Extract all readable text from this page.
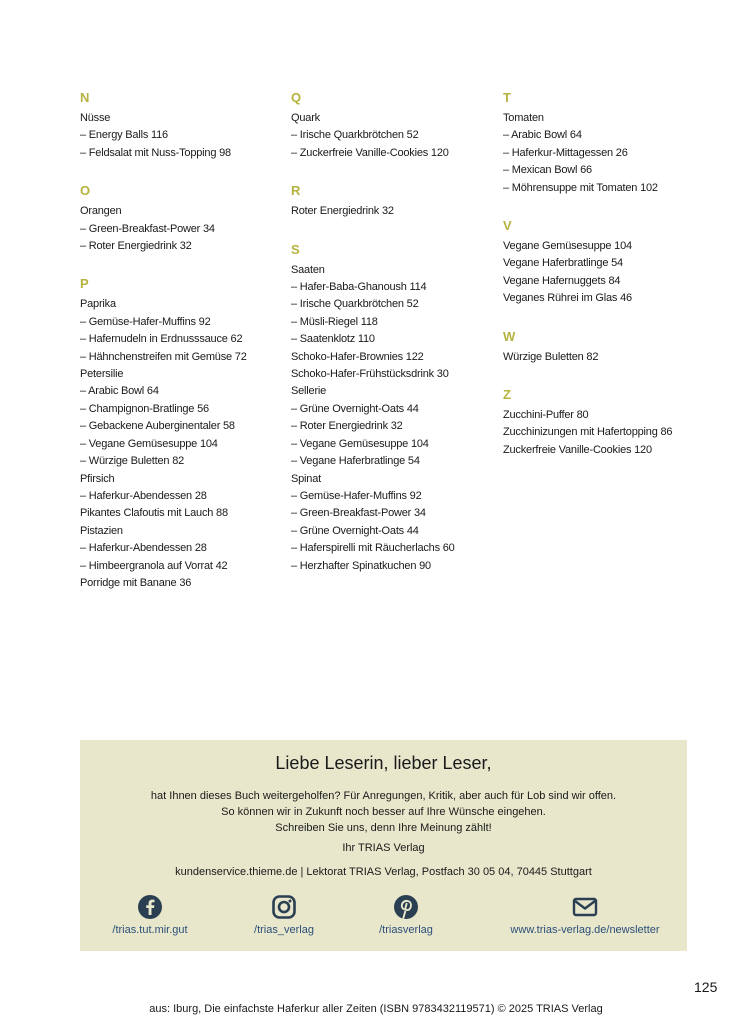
N
Nüsse
– Energy Balls 116
– Feldsalat mit Nuss-Topping 98
O
Orangen
– Green-Breakfast-Power 34
– Roter Energiedrink 32
P
Paprika
– Gemüse-Hafer-Muffins 92
– Hafernudeln in Erdnusssauce 62
– Hähnchenstreifen mit Gemüse 72
Petersilie
– Arabic Bowl 64
– Champignon-Bratlinge 56
– Gebackene Auberginentaler 58
– Vegane Gemüsesuppe 104
– Würzige Buletten 82
Pfirsich
– Haferkur-Abendessen 28
Pikantes Clafoutis mit Lauch 88
Pistazien
– Haferkur-Abendessen 28
– Himbeergranola auf Vorrat 42
Porridge mit Banane 36
Q
Quark
– Irische Quarkbrötchen 52
– Zuckerfreie Vanille-Cookies 120
R
Roter Energiedrink 32
S
Saaten
– Hafer-Baba-Ghanoush 114
– Irische Quarkbrötchen 52
– Müsli-Riegel 118
– Saatenklotz 110
Schoko-Hafer-Brownies 122
Schoko-Hafer-Frühstücksdrink 30
Sellerie
– Grüne Overnight-Oats 44
– Roter Energiedrink 32
– Vegane Gemüsesuppe 104
– Vegane Haferbratlinge 54
Spinat
– Gemüse-Hafer-Muffins 92
– Green-Breakfast-Power 34
– Grüne Overnight-Oats 44
– Haferspirelli mit Räucherlachs 60
– Herzhafter Spinatkuchen 90
T
Tomaten
– Arabic Bowl 64
– Haferkur-Mittagessen 26
– Mexican Bowl 66
– Möhrensuppe mit Tomaten 102
V
Vegane Gemüsesuppe 104
Vegane Haferbratlinge 54
Vegane Hafernuggets 84
Veganes Rührei im Glas 46
W
Würzige Buletten 82
Z
Zucchini-Puffer 80
Zucchinizungen mit Hafertopping 86
Zuckerfreie Vanille-Cookies 120
Liebe Leserin, lieber Leser,
hat Ihnen dieses Buch weitergeholfen? Für Anregungen, Kritik, aber auch für Lob sind wir offen.
So können wir in Zukunft noch besser auf Ihre Wünsche eingehen.
Schreiben Sie uns, denn Ihre Meinung zählt!
Ihr TRIAS Verlag
kundenservice.thieme.de | Lektorat TRIAS Verlag, Postfach 30 05 04, 70445 Stuttgart
/trias.tut.mir.gut	/trias_verlag	/triasverlag	www.trias-verlag.de/newsletter
125
aus: Iburg, Die einfachste Haferkur aller Zeiten (ISBN 9783432119571) © 2025 TRIAS Verlag
